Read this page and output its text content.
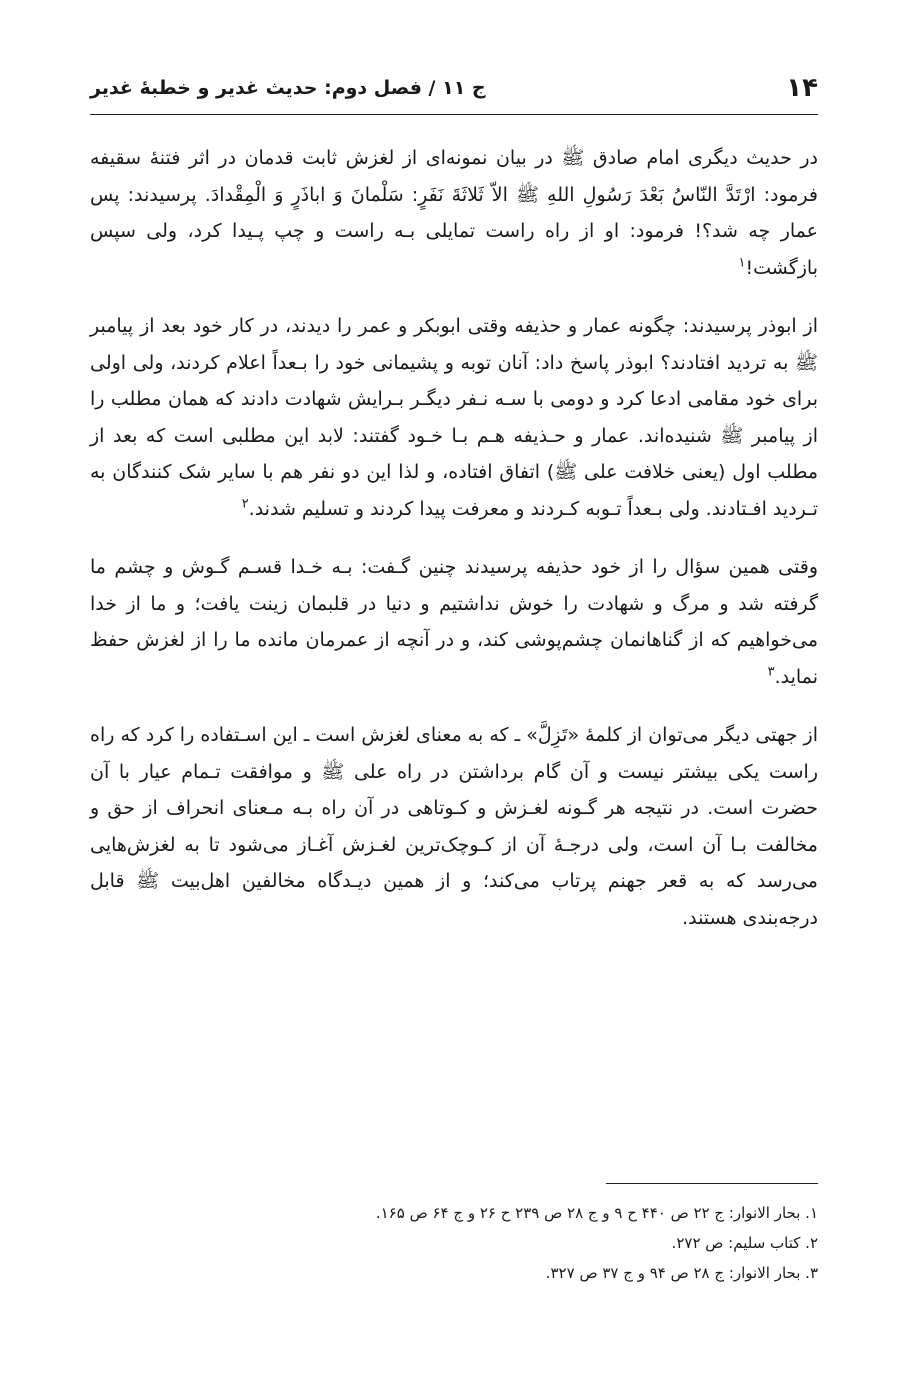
۱۴
ج ۱۱ / فصل دوم: حدیث غدیر و خطبهٔ غدیر

در حدیث دیگری امام صادق ﷺ در بیان نمونه‌ای از لغزش ثابت قدمان در اثر فتنهٔ سقیفه فرمود: ارْتَدَّ النّاسُ بَعْدَ رَسُولِ اللهِ ﷺ الاّ ثَلاثَةَ نَفَرٍ: سَلْمانَ وَ اباذَرٍ وَ الْمِقْدادَ. پرسیدند: پس عمار چه شد؟! فرمود: او از راه راست تمایلی بـه راست و چپ پـیدا کرد، ولی سپس بازگشت!$^۱$

از ابوذر پرسیدند: چگونه عمار و حذیفه وقتی ابوبکر و عمر را دیدند، در کار خود بعد از پیامبر ﷺ به تردید افتادند؟ ابوذر پاسخ داد: آنان توبه و پشیمانی خود را بـعداً اعلام کردند، ولی اولی برای خود مقامی ادعا کرد و دومی با سـه نـفر دیگـر بـرایش شهادت دادند که همان مطلب را از پیامبر ﷺ شنیده‌اند. عمار و حـذیفه هـم بـا خـود گفتند: لابد این مطلبی است که بعد از مطلب اول (یعنی خلافت علی ﷺ) اتفاق افتاده، و لذا این دو نفر هم با سایر شک کنندگان به تـردید افـتادند. ولی بـعداً تـوبه کـردند و معرفت پیدا کردند و تسلیم شدند.$^۲$

وقتی همین سؤال را از خود حذیفه پرسیدند چنین گـفت: بـه خـدا قسـم گـوش و چشم ما گرفته شد و مرگ و شهادت را خوش نداشتیم و دنیا در قلبمان زینت یافت؛ و ما از خدا می‌خواهیم که از گناهانمان چشم‌پوشی کند، و در آنچه از عمرمان مانده ما را از لغزش حفظ نماید.$^۳$

از جهتی دیگر می‌توان از کلمهٔ «تَزِلَّ» ـ که به معنای لغزش است ـ این اسـتفاده را کرد که راه راست یکی بیشتر نیست و آن گام برداشتن در راه علی ﷺ و موافقت تـمام عیار با آن حضرت است. در نتیجه هر گـونه لغـزش و کـوتاهی در آن راه بـه مـعنای انحراف از حق و مخالفت بـا آن است، ولی درجـهٔ آن از کـوچک‌ترین لغـزش آغـاز می‌شود تا به لغزش‌هایی می‌رسد که به قعر جهنم پرتاب می‌کند؛ و از همین دیـدگاه مخالفین اهل‌بیت ﷺ قابل درجه‌بندی هستند.

۱. بحار الانوار: ج ۲۲ ص ۴۴۰ ح ۹ و ج ۲۸ ص ۲۳۹ ح ۲۶ و ج ۶۴ ص ۱۶۵.
۲. کتاب سلیم: ص ۲۷۲.
۳. بحار الانوار: ج ۲۸ ص ۹۴ و ج ۳۷ ص ۳۲۷.
